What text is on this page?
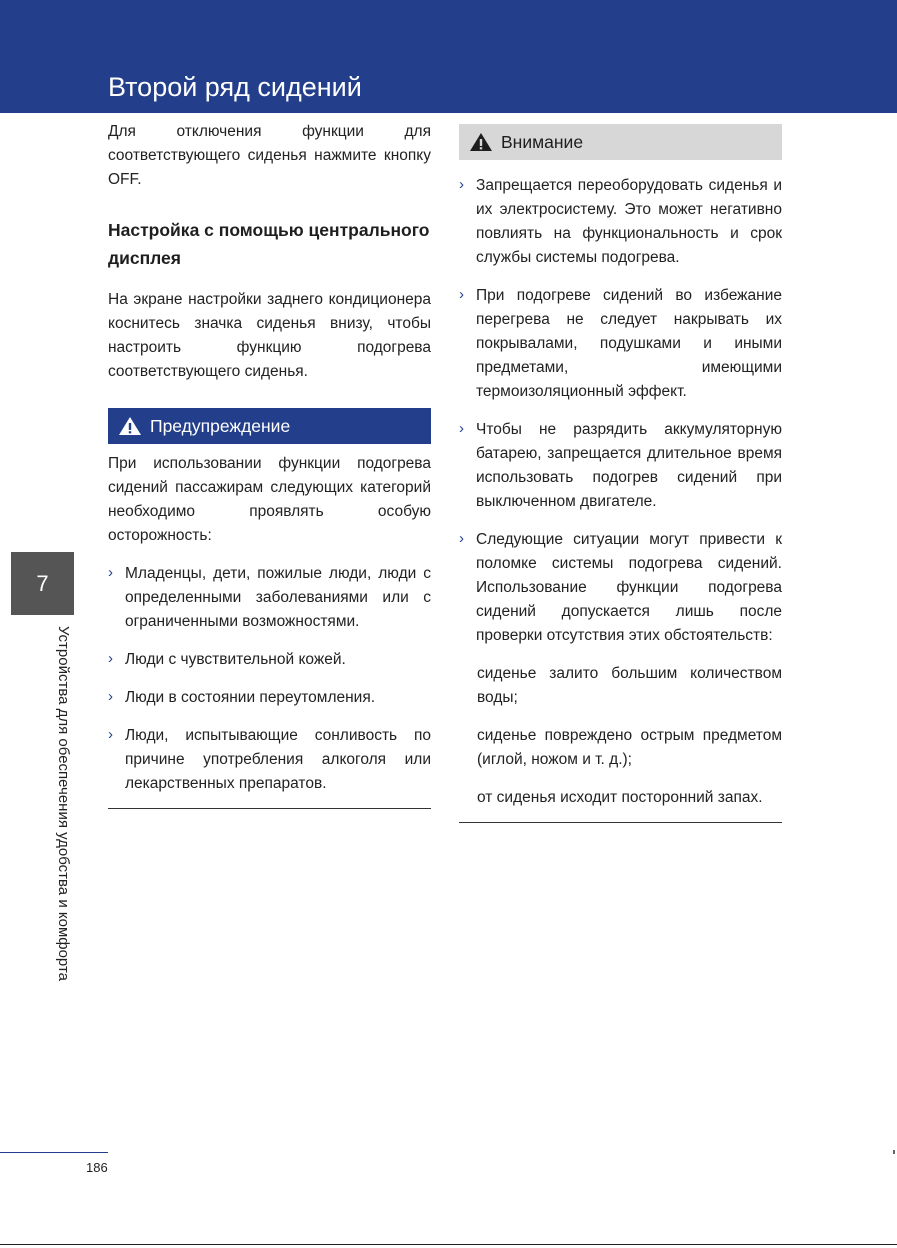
Второй ряд сидений

Для отключения функции для соответствующего сиденья нажмите кнопку OFF.

Настройка с помощью центрального дисплея

На экране настройки заднего кондиционера коснитесь значка сиденья внизу, чтобы настроить функцию подогрева соответствующего сиденья.

Предупреждение

При использовании функции подогрева сидений пассажирам следующих категорий необходимо проявлять особую осторожность:

› Младенцы, дети, пожилые люди, люди с определенными заболеваниями или с ограниченными возможностями.
› Люди с чувствительной кожей.
› Люди в состоянии переутомления.
› Люди, испытывающие сонливость по причине употребления алкоголя или лекарственных препаратов.
Внимание
› Запрещается переоборудовать сиденья и их электросистему. Это может негативно повлиять на функциональность и срок службы системы подогрева.
› При подогреве сидений во избежание перегрева не следует накрывать их покрывалами, подушками и иными предметами, имеющими термоизоляционный эффект.
› Чтобы не разрядить аккумуляторную батарею, запрещается длительное время использовать подогрев сидений при выключенном двигателе.
› Следующие ситуации могут привести к поломке системы подогрева сидений. Использование функции подогрева сидений допускается лишь после проверки отсутствия этих обстоятельств:

сиденье залито большим количеством воды;

сиденье повреждено острым предметом (иглой, ножом и т. д.);

от сиденья исходит посторонний запах.

7
Устройства для обеспечения удобства и комфорта
186
